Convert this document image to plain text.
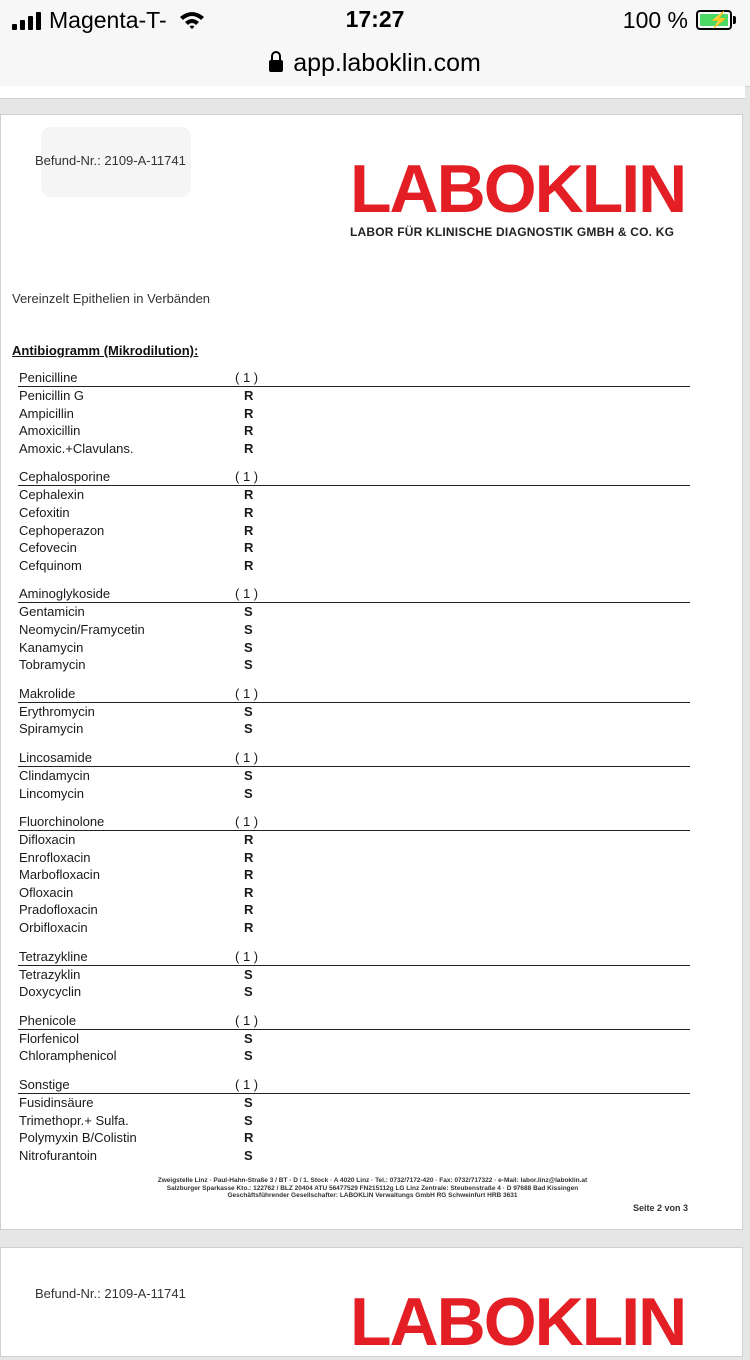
Magenta-T-	17:27	100 % ⚡
app.laboklin.com
Befund-Nr.: 2109-A-11741 LABOKLIN
LABOR FÜR KLINISCHE DIAGNOSTIK GMBH & CO. KG
Vereinzelt Epithelien in Verbänden
Antibiogramm (Mikrodilution):
Penicilline	( 1 )
Penicillin G	R
Ampicillin	R
Amoxicillin	R
Amoxic.+Clavulans.	R
Cephalosporine	( 1 )
Cephalexin	R
Cefoxitin	R
Cephoperazon	R
Cefovecin	R
Cefquinom	R
Aminoglykoside	( 1 )
Gentamicin	S
Neomycin/Framycetin	S
Kanamycin	S
Tobramycin	S
Makrolide	( 1 )
Erythromycin	S
Spiramycin	S
Lincosamide	( 1 )
Clindamycin	S
Lincomycin	S
Fluorchinolone	( 1 )
Difloxacin	R
Enrofloxacin	R
Marbofloxacin	R
Ofloxacin	R
Pradofloxacin	R
Orbifloxacin	R
Tetrazykline	( 1 )
Tetrazyklin	S
Doxycyclin	S
Phenicole	( 1 )
Florfenicol	S
Chloramphenicol	S
Sonstige	( 1 )
Fusidinsäure	S
Trimethopr.+ Sulfa.	S
Polymyxin B/Colistin	R
Nitrofurantoin	S
Zweigstelle Linz · Paul-Hahn-Straße 3 / BT - D / 1. Stock · A 4020 Linz · Tel.: 0732/7172-420 · Fax: 0732/717322 · e-Mail: labor.linz@laboklin.at
Salzburger Sparkasse Kto.: 122762 / BLZ 20404 ATU 56477529 FN215112g LG Linz Zentrale: Steubenstraße 4 · D 97688 Bad Kissingen
Geschäftsführender Gesellschafter: LABOKLIN Verwaltungs GmbH RG Schweinfurt HRB 3631
Seite 2 von 3
Befund-Nr.: 2109-A-11741 LABOKLIN
